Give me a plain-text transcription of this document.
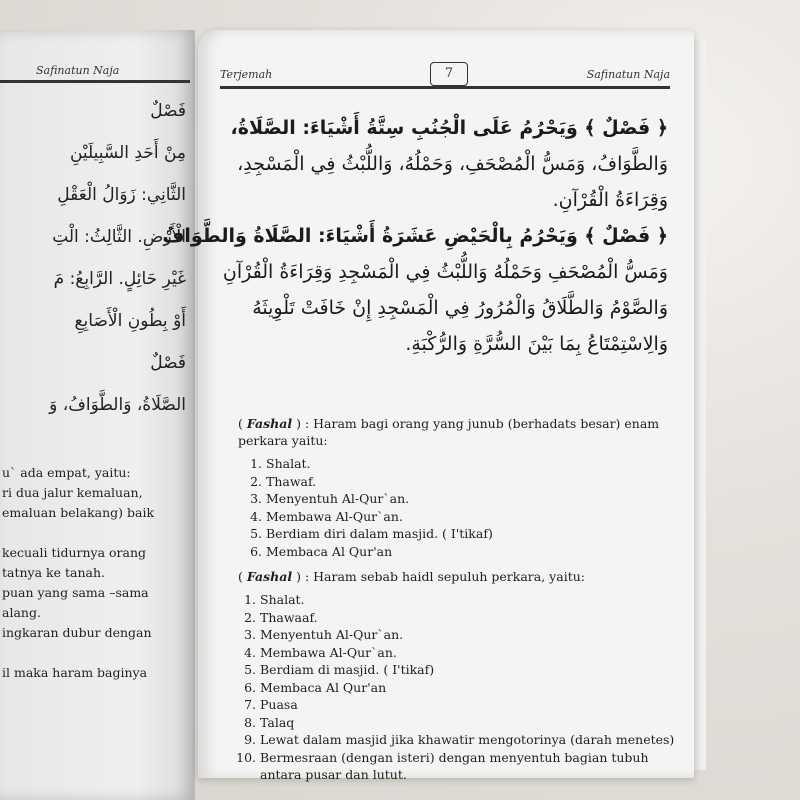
Safinatun Naja
فَصْلٌ
مِنْ أَحَدِ السَّبِيلَيْنِ
الثَّانِي: زَوَالُ الْعَقْلِ
الْأَرْضِ. الثَّالِثُ: الْتِ
غَيْرِ حَائِلٍ. الرَّابِعُ: مَ
أَوْ بِطُونِ الْأَصَابِعِ
فَصْلٌ
الصَّلَاةُ، وَالطَّوَافُ، وَ
u` ada empat, yaitu:
ri dua jalur kemaluan,
emaluan belakang) baik

kecuali tidurnya orang
tatnya ke tanah.
puan yang sama –sama
alang.
ingkaran dubur dengan

il maka haram baginya
Terjemah	7	Safinatun Naja
﴿ فَصْلٌ ﴾ وَيَحْرُمُ عَلَى الْجُنُبِ سِتَّةُ أَشْيَاءَ: الصَّلَاةُ،
وَالطَّوَافُ، وَمَسُّ الْمُصْحَفِ، وَحَمْلُهُ، وَاللُّبْثُ فِي الْمَسْجِدِ،
وَقِرَاءَةُ الْقُرْآنِ.
﴿ فَصْلٌ ﴾ وَيَحْرُمُ بِالْحَيْضِ عَشَرَةُ أَشْيَاءَ: الصَّلَاةُ وَالطَّوَافُ
وَمَسُّ الْمُصْحَفِ وَحَمْلُهُ وَاللُّبْثُ فِي الْمَسْجِدِ وَقِرَاءَةُ الْقُرْآنِ
وَالصَّوْمُ وَالطَّلَاقُ وَالْمُرُورُ فِي الْمَسْجِدِ إِنْ خَافَتْ تَلْوِيثَهُ
وَالِاسْتِمْتَاعُ بِمَا بَيْنَ السُّرَّةِ وَالرُّكْبَةِ.

( Fashal ) : Haram bagi orang yang junub (berhadats besar) enam perkara yaitu:

1. Shalat.
2. Thawaf.
3. Menyentuh Al-Qur`an.
4. Membawa Al-Qur`an.
5. Berdiam diri dalam masjid. ( I'tikaf)
6. Membaca Al Qur'an

( Fashal ) : Haram sebab haidl sepuluh perkara, yaitu:

1. Shalat.
2. Thawaaf.
3. Menyentuh Al-Qur`an.
4. Membawa Al-Qur`an.
5. Berdiam di masjid. ( I'tikaf)
6. Membaca Al Qur'an
7. Puasa
8. Talaq
9. Lewat dalam masjid jika khawatir mengotorinya (darah menetes)
10. Bermesraan (dengan isteri) dengan menyentuh bagian tubuh antara pusar dan lutut.
